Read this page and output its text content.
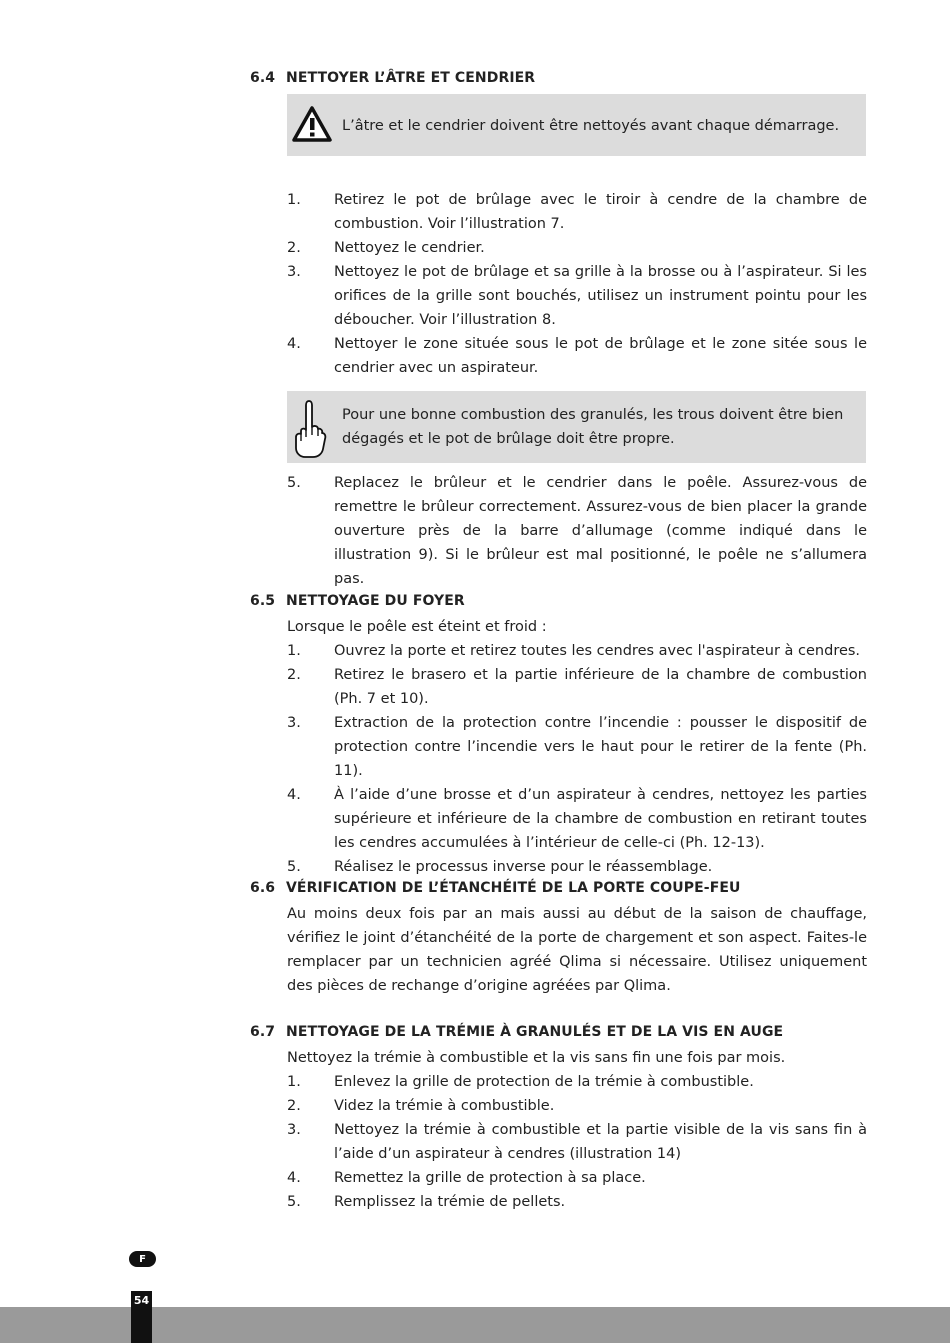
6.4 NETTOYER L’ÂTRE ET CENDRIER
L’âtre et le cendrier doivent être nettoyés avant chaque démarrage.
1. Retirez le pot de brûlage avec le tiroir à cendre de la chambre de combustion. Voir l’illustration 7.
2. Nettoyez le cendrier.
3. Nettoyez le pot de brûlage et sa grille à la brosse ou à l’aspirateur. Si les orifices de la grille sont bouchés, utilisez un instrument pointu pour les déboucher. Voir l’illustration 8.
4. Nettoyer le zone située sous le pot de brûlage et le zone sitée sous le cendrier avec un aspirateur.
Pour une bonne combustion des granulés, les trous doivent être bien dégagés et le pot de brûlage doit être propre.
5. Replacez le brûleur et le cendrier dans le poêle. Assurez-vous de remettre le brûleur correctement. Assurez-vous de bien placer la grande ouverture près de la barre d’allumage (comme indiqué dans le illustration 9). Si le brûleur est mal positionné, le poêle ne s’allumera pas.
6.5 NETTOYAGE DU FOYER
Lorsque le poêle est éteint et froid :
1. Ouvrez la porte et retirez toutes les cendres avec l'aspirateur à cendres.
2. Retirez le brasero et la partie inférieure de la chambre de combustion (Ph. 7 et 10).
3. Extraction de la protection contre l’incendie : pousser le dispositif de protection contre l’incendie vers le haut pour le retirer de la fente (Ph. 11).
4. À l’aide d’une brosse et d’un aspirateur à cendres, nettoyez les parties supérieure et inférieure de la chambre de combustion en retirant toutes les cendres accumulées à l’intérieur de celle-ci (Ph. 12-13).
5. Réalisez le processus inverse pour le réassemblage.
6.6 VÉRIFICATION DE L’ÉTANCHÉITÉ DE LA PORTE COUPE-FEU
Au moins deux fois par an mais aussi au début de la saison de chauffage, vérifiez le joint d’étanchéité de la porte de chargement et son aspect. Faites-le remplacer par un technicien agréé Qlima si nécessaire. Utilisez uniquement des pièces de rechange d’origine agréées par Qlima.
6.7 NETTOYAGE DE LA TRÉMIE À GRANULÉS ET DE LA VIS EN AUGE
Nettoyez la trémie à combustible et la vis sans fin une fois par mois.
1. Enlevez la grille de protection de la trémie à combustible.
2. Videz la trémie à combustible.
3. Nettoyez la trémie à combustible et la partie visible de la vis sans fin à l’aide d’un aspirateur à cendres (illustration 14)
4. Remettez la grille de protection à sa place.
5. Remplissez la trémie de pellets.
F
54
